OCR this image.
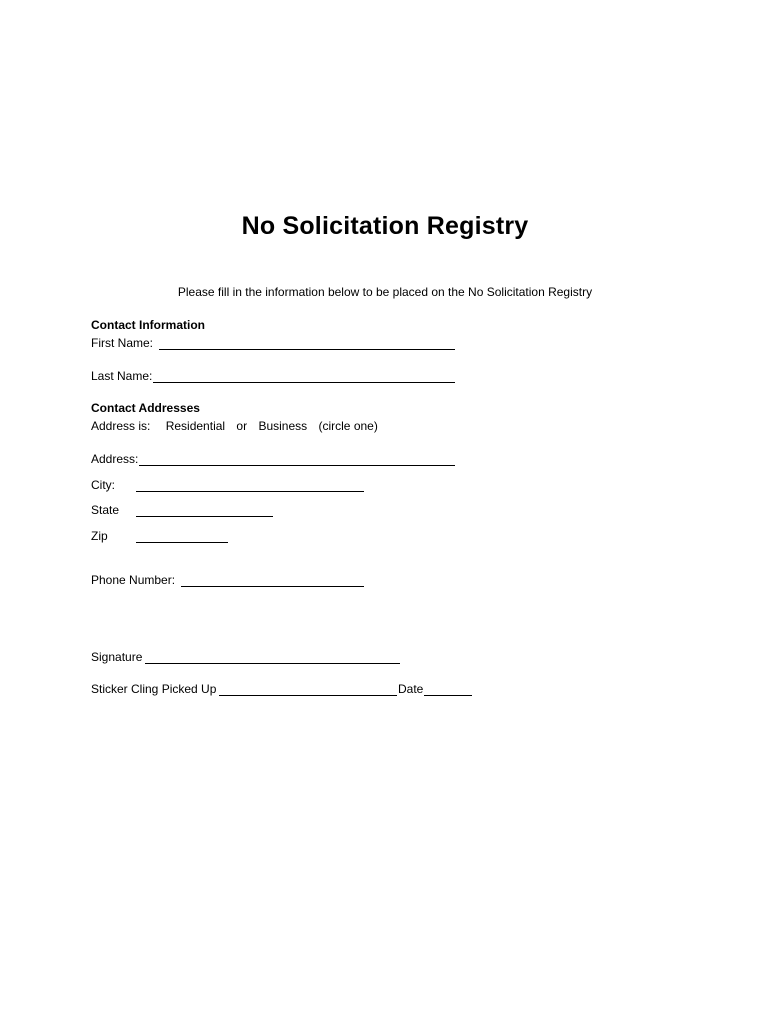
No Solicitation Registry
Please fill in the information below to be placed on the No Solicitation Registry
Contact Information
First Name:
Last Name:
Contact Addresses
Address is: Residential or Business (circle one)
Address:
City:
State
Zip
Phone Number:
Signature
Sticker Cling Picked Up	Date
